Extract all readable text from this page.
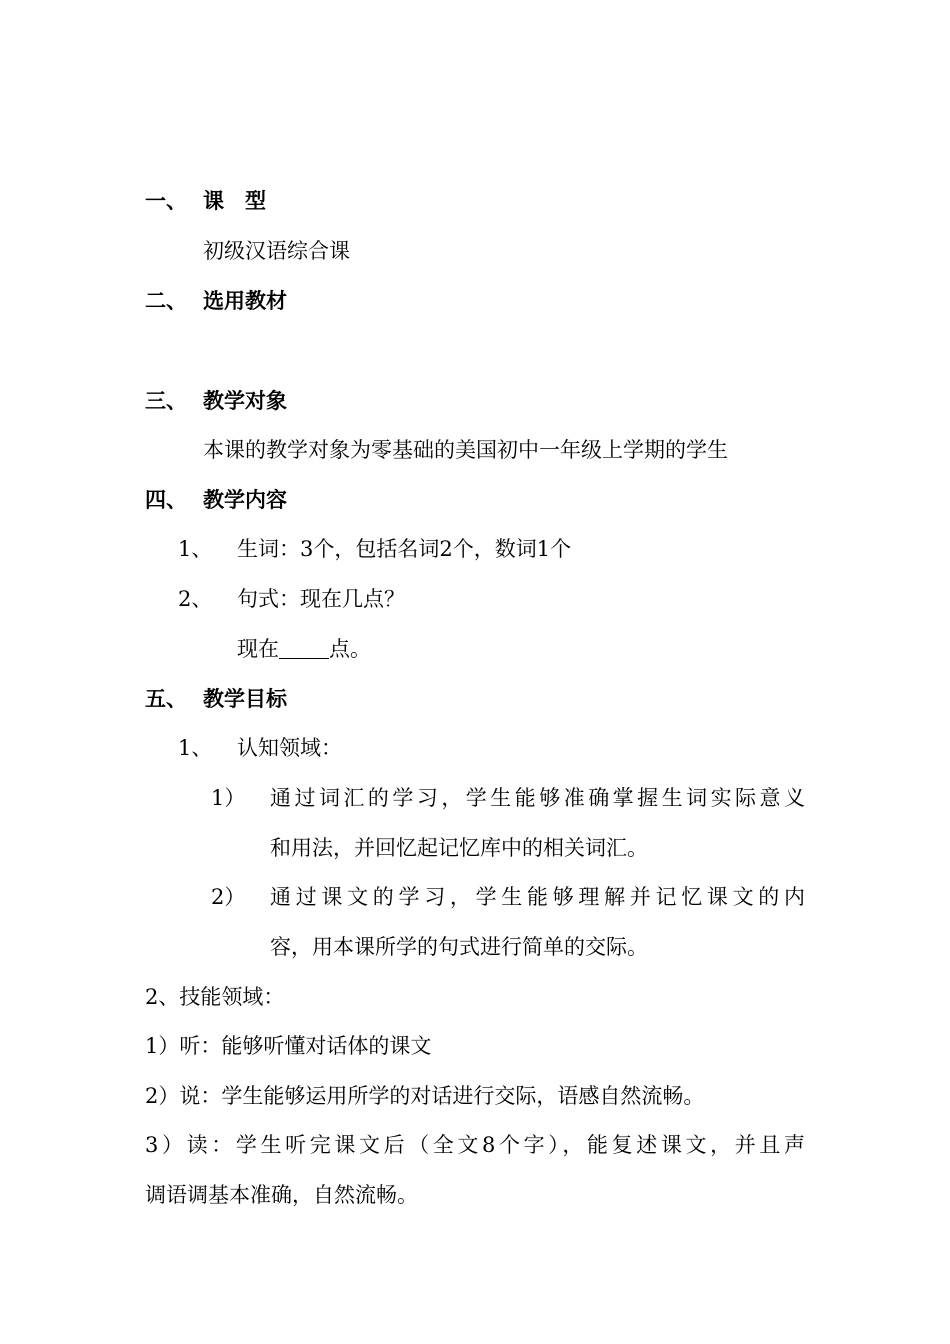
一、 课　型
初级汉语综合课
二、 选用教材
三、 教学对象
本课的教学对象为零基础的美国初中一年级上学期的学生
四、 教学内容
1、 生词：3个，包括名词2个，数词1个
2、 句式：现在几点？
现在 点。
五、 教学目标
1、 认知领域：
1） 通过词汇的学习，学生能够准确掌握生词实际意义
和用法，并回忆起记忆库中的相关词汇。
2） 通过课文的学习，学生能够理解并记忆课文的内
容，用本课所学的句式进行简单的交际。
2、技能领域：
1）听：能够听懂对话体的课文
2）说：学生能够运用所学的对话进行交际，语感自然流畅。
3）读：学生听完课文后（全文8个字），能复述课文，并且声
调语调基本准确，自然流畅。
